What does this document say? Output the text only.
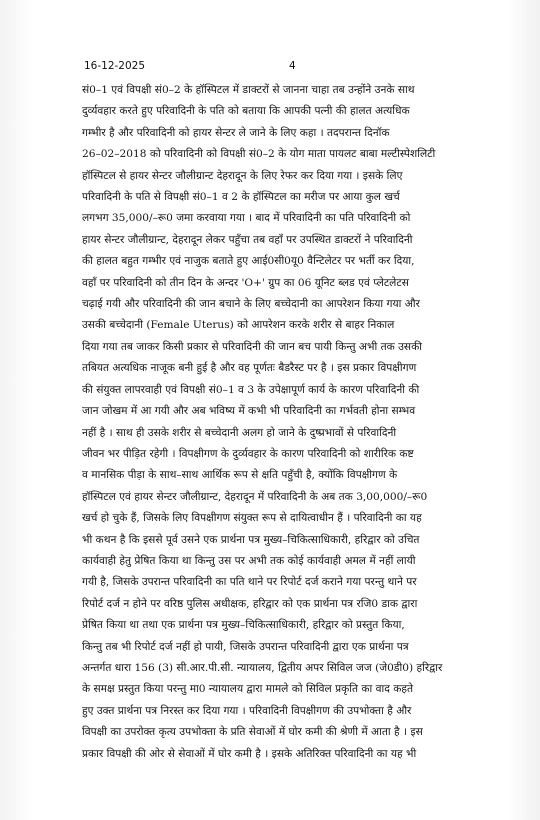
16-12-2025	4

सं0–1 एवं विपक्षी सं0–2 के हॉस्पिटल में डाक्टरों से जानना चाहा तब उन्होंने उनके साथ

दुर्व्यवहार करते हुए परिवादिनी के पति को बताया कि आपकी पत्नी की हालत अत्यधिक

गम्भीर है और परिवादिनी को हायर सेन्टर ले जाने के लिए कहा । तदपरान्त दिनॉक

26–02–2018 को परिवादिनी को विपक्षी सं0–2 के योग माता पायलट बाबा मल्टीस्पेशलिटी

हॉस्पिटल से हायर सेन्टर जौलीग्रान्ट देहरादून के लिए रेफर कर दिया गया । इसके लिए

परिवादिनी के पति से विपक्षी सं0–1 व 2 के हॉस्पिटल का मरीज पर आया कुल खर्च

लगभग 35,000/–रू0 जमा करवाया गया । बाद में परिवादिनी का पति परिवादिनी को

हायर सेन्टर जौलीग्रान्ट, देहरादून लेकर पहुँचा तब वहाँ पर उपस्थित डाक्टरों ने परिवादिनी

की हालत बहुत गम्भीर एवं नाजुक बताते हुए आई0सी0यू0 वैन्टिलेटर पर भर्ती कर दिया,

वहाँ पर परिवादिनी को तीन दिन के अन्दर 'O+' ग्रुप का 06 यूनिट ब्लड एवं प्लेटलेटस

चढ़ाई गयी और परिवादिनी की जान बचाने के लिए बच्चेदानी का आपरेशन किया गया और

उसकी बच्चेदानी (Female Uterus) को आपरेशन करके शरीर से बाहर निकाल

दिया गया तब जाकर किसी प्रकार से परिवादिनी की जान बच पायी किन्तु अभी तक उसकी

तबियत अत्यधिक नाजूक बनी हुई है और वह पूर्णतः बैडरैस्ट पर है । इस प्रकार विपक्षीगण

की संयुक्त लापरवाही एवं विपक्षी सं0–1 व 3 के उपेक्षापूर्ण कार्य के कारण परिवादिनी की

जान जोखम में आ गयी और अब भविष्य में कभी भी परिवादिनी का गर्भवती होना सम्भव

नहीं है । साथ ही उसके शरीर से बच्चेदानी अलग हो जाने के दुष्प्रभावों से परिवादिनी

जीवन भर पीड़ित रहेगी । विपक्षीगण के दुर्व्यवहार के कारण परिवादिनी को शारीरिक कष्ट

व मानसिक पीड़ा के साथ–साथ आर्थिक रूप से क्षति पहुँची है, क्योंकि विपक्षीगण के

हॉस्पिटल एवं हायर सेन्टर जौलीग्रान्ट, देहरादून में परिवादिनी के अब तक 3,00,000/–रू0

खर्च हो चुके हैं, जिसके लिए विपक्षीगण संयुक्त रूप से दायित्वाधीन हैं । परिवादिनी का यह

भी कथन है कि इससे पूर्व उसने एक प्रार्थना पत्र मुख्य–चिकित्साधिकारी, हरिद्वार को उचित

कार्यवाही हेतु प्रेषित किया था किन्तु उस पर अभी तक कोई कार्यवाही अमल में नहीं लायी

गयी है, जिसके उपरान्त परिवादिनी का पति थाने पर रिपोर्ट दर्ज कराने गया परन्तु थाने पर

रिपोर्ट दर्ज न होने पर वरिष्ठ पुलिस अधीक्षक, हरिद्वार को एक प्रार्थना पत्र रजि0 डाक द्वारा

प्रेषित किया था तथा एक प्रार्थना पत्र मुख्य–चिकित्साधिकारी, हरिद्वार को प्रस्तुत किया,

किन्तु तब भी रिपोर्ट दर्ज नहीं हो पायी, जिसके उपरान्त परिवादिनी द्वारा एक प्रार्थना पत्र

अन्तर्गत धारा 156 (3) सी.आर.पी.सी. न्यायालय, द्वितीय अपर सिविल जज (जे0डी0) हरिद्वार

के समक्ष प्रस्तुत किया परन्तु मा0 न्यायालय द्वारा मामले को सिविल प्रकृति का वाद कहते

हुए उक्त प्रार्थना पत्र निरस्त कर दिया गया । परिवादिनी विपक्षीगण की उपभोक्ता है और

विपक्षी का उपरोक्त कृत्य उपभोक्ता के प्रति सेवाओं में घोर कमी की श्रेणी में आता है । इस

प्रकार विपक्षी की ओर से सेवाओं में घोर कमी है । इसके अतिरिक्त परिवादिनी का यह भी
